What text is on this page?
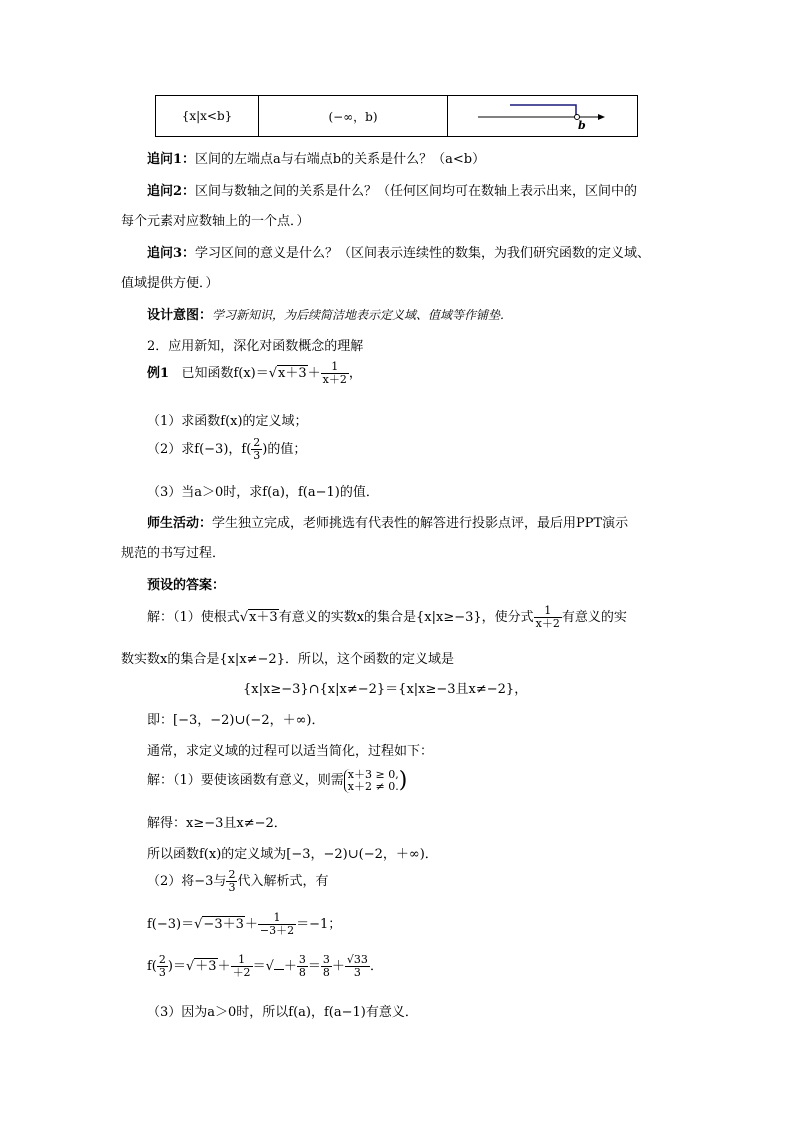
{x|x<b}	(−∞，b)
b
追问1：区间的左端点a与右端点b的关系是什么？（a<b）
追问2：区间与数轴之间的关系是什么？（任何区间均可在数轴上表示出来，区间中的
每个元素对应数轴上的一个点．）
追问3：学习区间的意义是什么？（区间表示连续性的数集，为我们研究函数的定义域、
值域提供方便．）
设计意图：学习新知识，为后续简洁地表示定义域、值域等作铺垫．
2．应用新知，深化对函数概念的理解
例1 已知函数$f(x)=√x+3+ \frac{1}{x+2}$ ，
（1）求函数f(x)的定义域；
（2）求f(−3)，$f( \frac{2}{3}$ )的值；
（3）当a＞0时，求f(a)，f(a−1)的值．
师生活动：学生独立完成，老师挑选有代表性的解答进行投影点评，最后用PPT演示
规范的书写过程．
预设的答案：
解：（1）使根式√x＋3有意义的实数x的集合是{x|x≥−3}，使分式 $\frac{1}{x+2}$ 有意义的实
数实数x的集合是{x|x≠−2}．所以，这个函数的定义域是
{x|x≥−3}∩{x|x≠−2}＝{x|x≥−3且x≠−2}，
即：[−3，−2)∪(−2，＋∞)．
通常，求定义域的过程可以适当简化，过程如下：
解：（1）要使该函数有意义，则需 x＋3 ≥ 0,
x＋2 ≠ 0. )
解得：x≥−3且x≠−2．
所以函数f(x)的定义域为[−3，−2)∪(−2，＋∞)．
（2）将−3与 $\frac{2}{3}$ 代入解析式，有
$f(-3)=√-3+3+ \frac{1}{-3+2} =-1$；
$f( \frac{2}{3} )=√+3+ \frac{1}{+2}$ ＝√ ＋ $\frac{3}{8} = \frac{3}{8} + \frac{√33}{3}$ ．
（3）因为a＞0时，所以f(a)，f(a−1)有意义．
